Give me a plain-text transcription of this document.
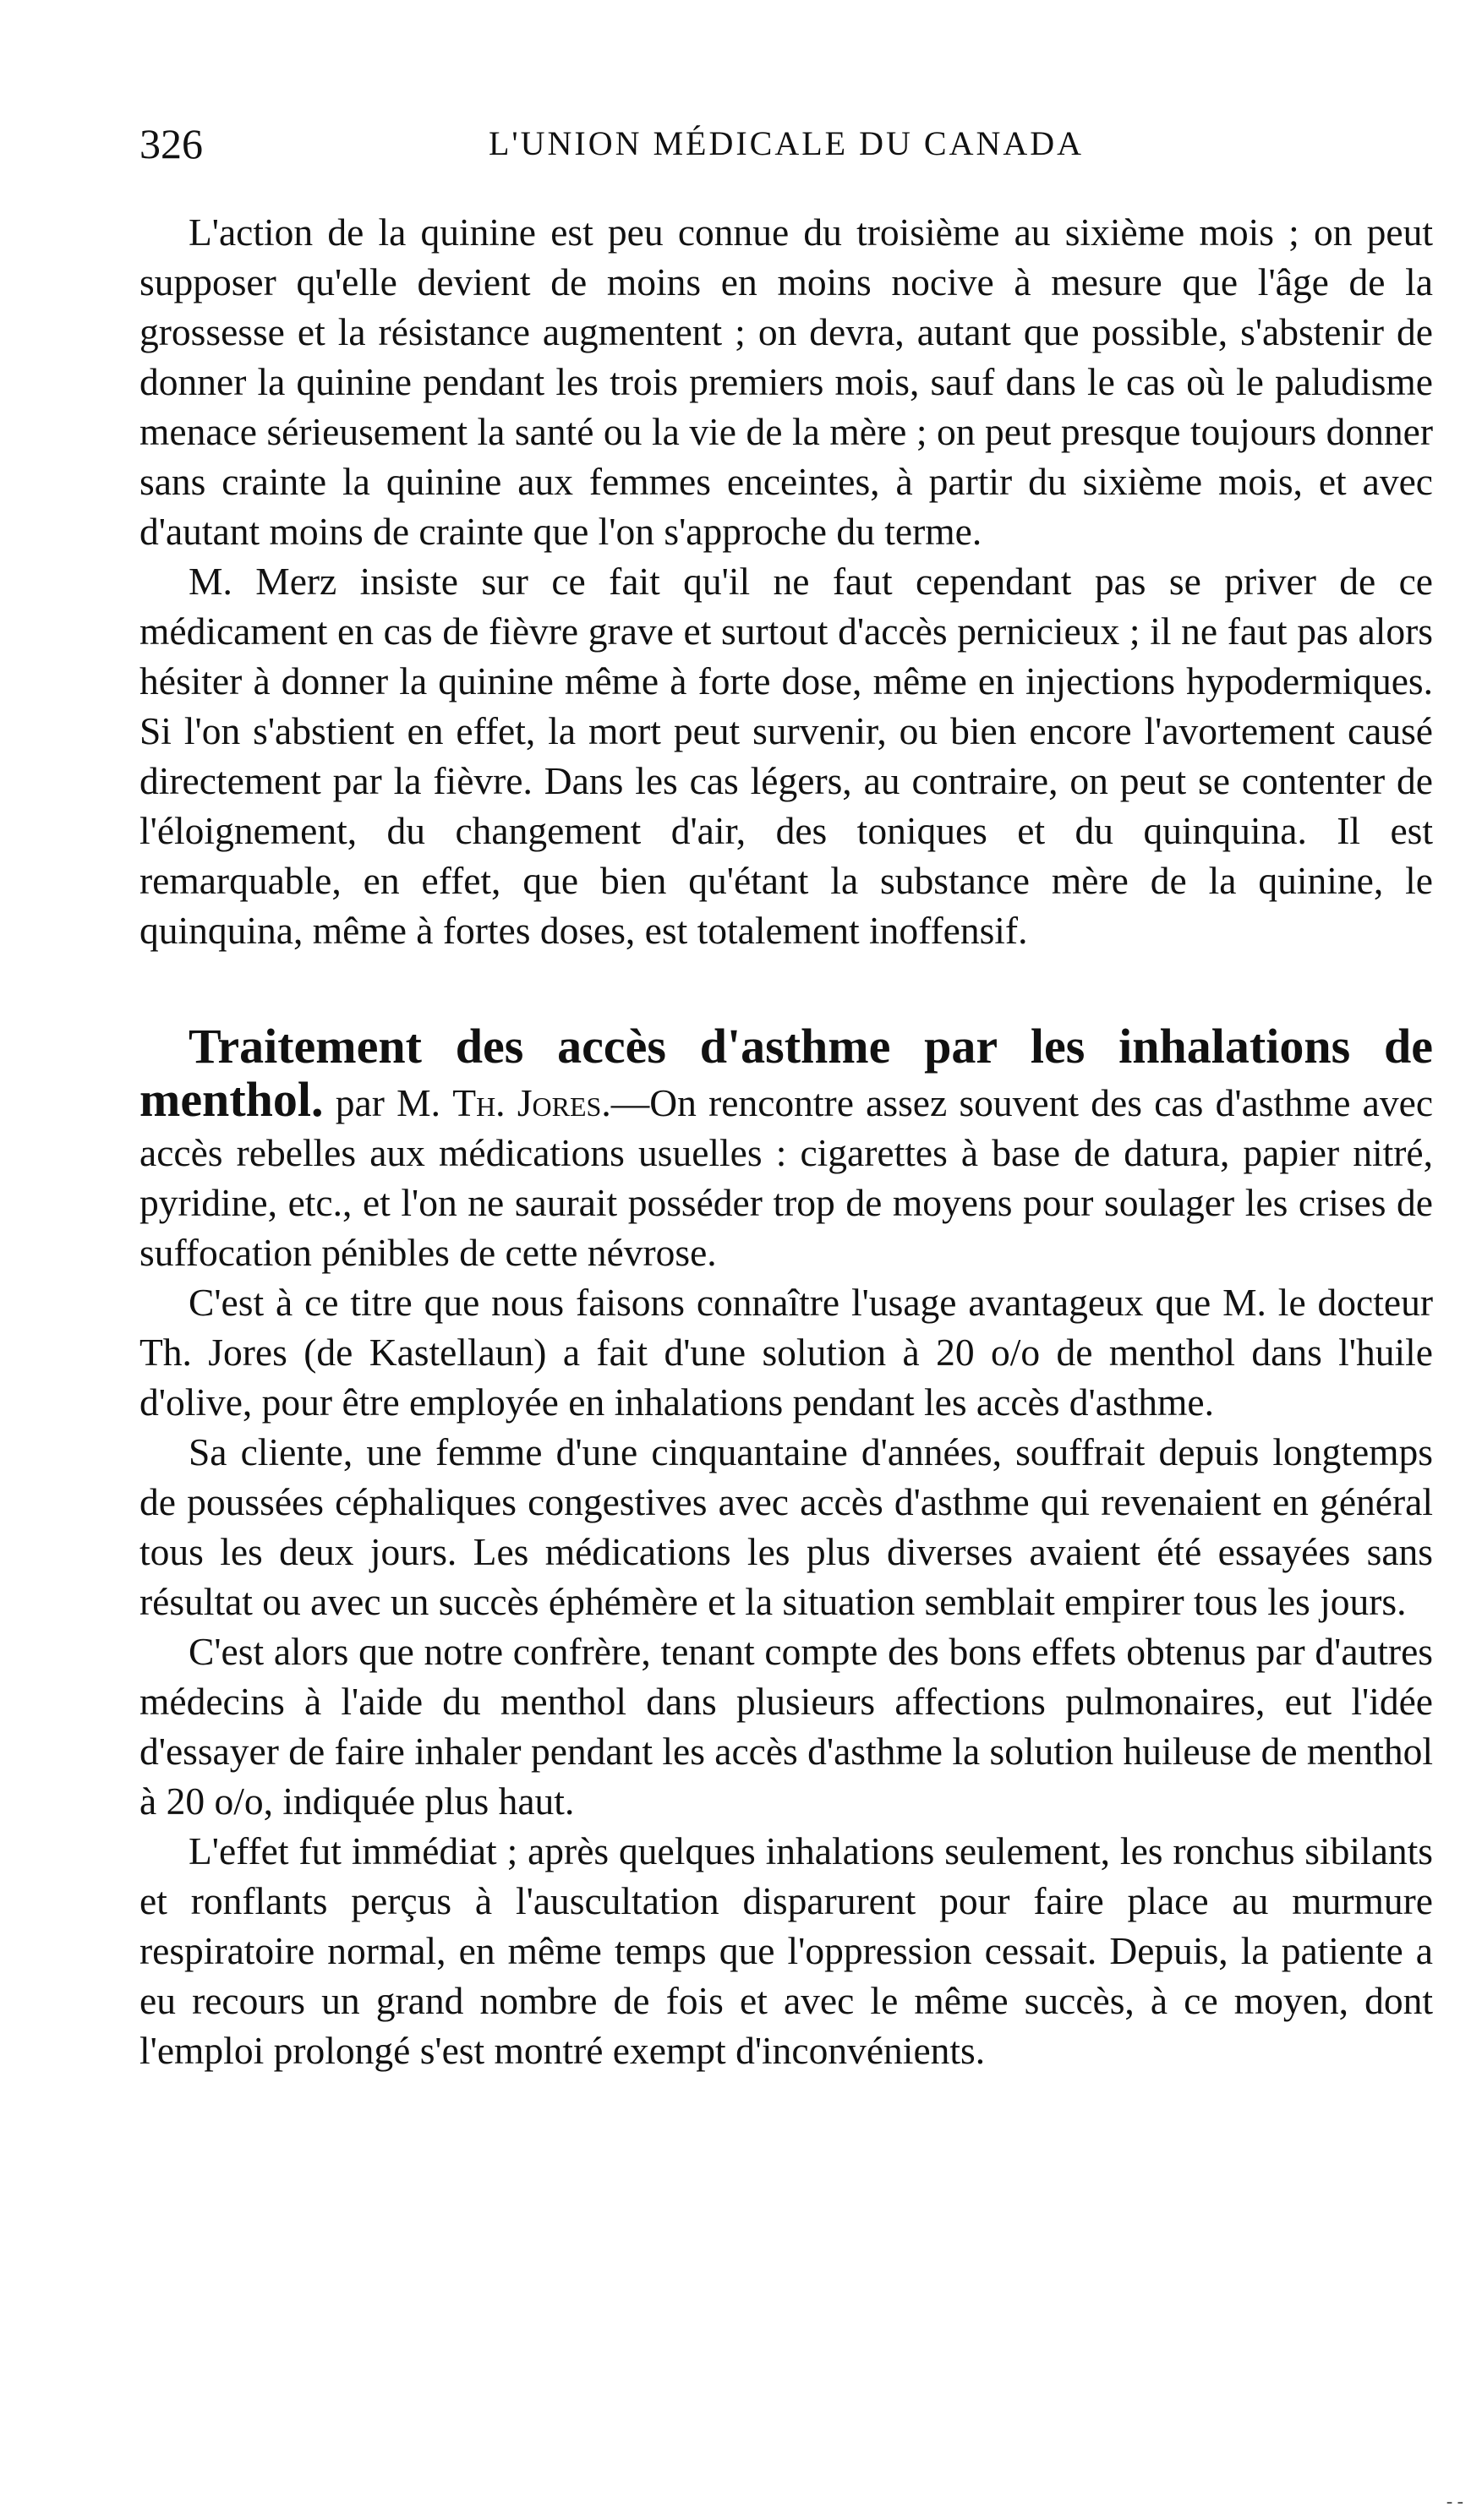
326	L'UNION MÉDICALE DU CANADA

L'action de la quinine est peu connue du troisième au sixième mois ; on peut supposer qu'elle devient de moins en moins nocive à mesure que l'âge de la grossesse et la résistance augmentent ; on devra, autant que possible, s'abstenir de donner la quinine pendant les trois premiers mois, sauf dans le cas où le paludisme menace sérieusement la santé ou la vie de la mère ; on peut presque toujours donner sans crainte la quinine aux femmes enceintes, à partir du sixième mois, et avec d'autant moins de crainte que l'on s'approche du terme.

M. Merz insiste sur ce fait qu'il ne faut cependant pas se priver de ce médicament en cas de fièvre grave et surtout d'accès pernicieux ; il ne faut pas alors hésiter à donner la quinine même à forte dose, même en injections hypodermiques. Si l'on s'abstient en effet, la mort peut survenir, ou bien encore l'avortement causé directement par la fièvre. Dans les cas légers, au contraire, on peut se contenter de l'éloignement, du changement d'air, des toniques et du quinquina. Il est remarquable, en effet, que bien qu'étant la substance mère de la quinine, le quinquina, même à fortes doses, est totalement inoffensif.

Traitement des accès d'asthme par les inhalations de menthol. par M. Th. Jores.—On rencontre assez souvent des cas d'asthme avec accès rebelles aux médications usuelles : cigarettes à base de datura, papier nitré, pyridine, etc., et l'on ne saurait posséder trop de moyens pour soulager les crises de suffocation pénibles de cette névrose.

C'est à ce titre que nous faisons connaître l'usage avantageux que M. le docteur Th. Jores (de Kastellaun) a fait d'une solution à 20 o/o de menthol dans l'huile d'olive, pour être employée en inhalations pendant les accès d'asthme.

Sa cliente, une femme d'une cinquantaine d'années, souffrait depuis longtemps de poussées céphaliques congestives avec accès d'asthme qui revenaient en général tous les deux jours. Les médications les plus diverses avaient été essayées sans résultat ou avec un succès éphémère et la situation semblait empirer tous les jours.

C'est alors que notre confrère, tenant compte des bons effets obtenus par d'autres médecins à l'aide du menthol dans plusieurs affections pulmonaires, eut l'idée d'essayer de faire inhaler pendant les accès d'asthme la solution huileuse de menthol à 20 o/o, indiquée plus haut.

L'effet fut immédiat ; après quelques inhalations seulement, les ronchus sibilants et ronflants perçus à l'auscultation disparurent pour faire place au murmure respiratoire normal, en même temps que l'oppression cessait. Depuis, la patiente a eu recours un grand nombre de fois et avec le même succès, à ce moyen, dont l'emploi prolongé s'est montré exempt d'inconvénients.

- -
